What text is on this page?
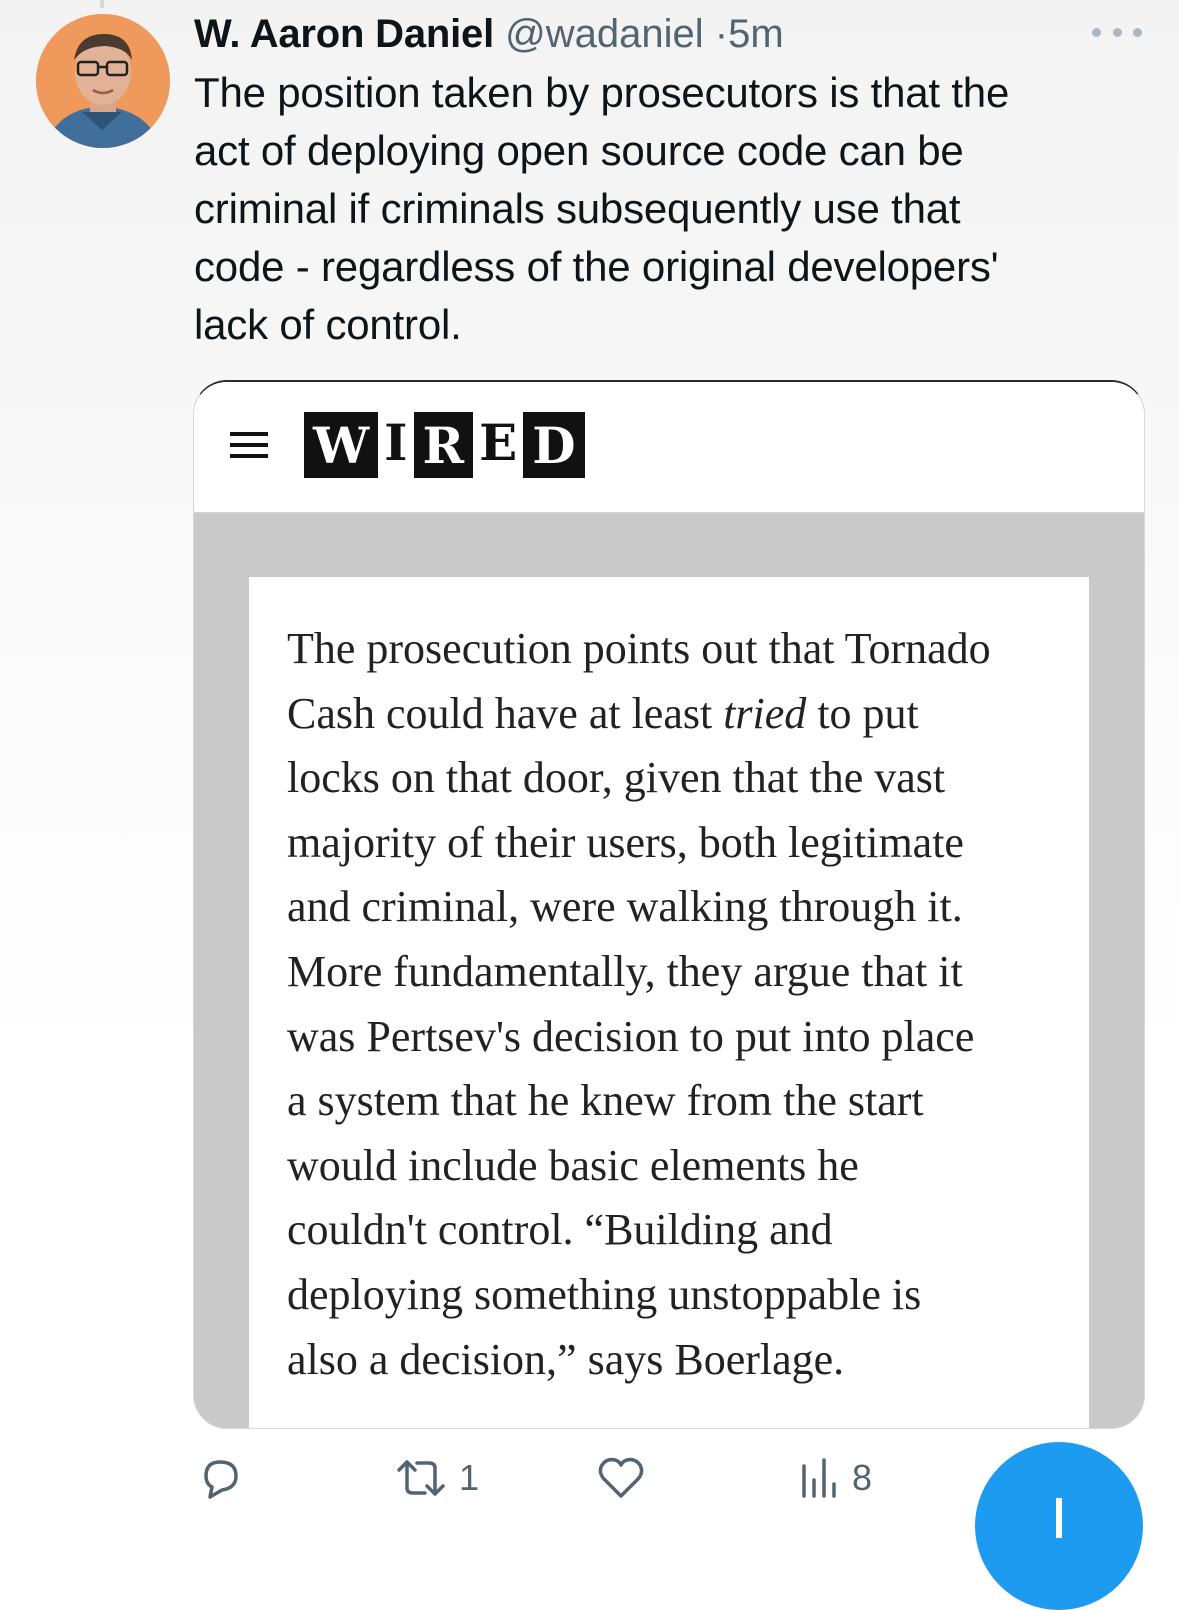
W. Aaron Daniel @wadaniel ·5m
The position taken by prosecutors is that the
act of deploying open source code can be
criminal if criminals subsequently use that
code - regardless of the original developers'
lack of control.
W I R E D
The prosecution points out that Tornado
Cash could have at least tried to put
locks on that door, given that the vast
majority of their users, both legitimate
and criminal, were walking through it.
More fundamentally, they argue that it
was Pertsev's decision to put into place
a system that he knew from the start
would include basic elements he
couldn't control. “Building and
deploying something unstoppable is
also a decision,” says Boerlage.
1	8
